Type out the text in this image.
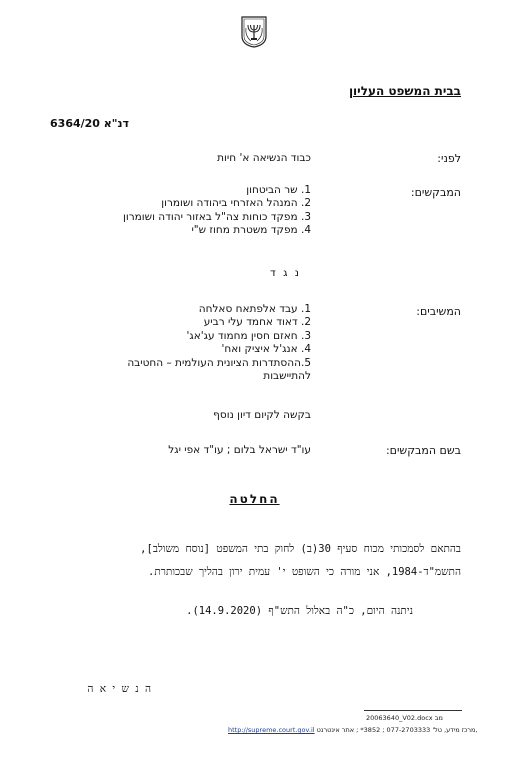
בבית המשפט העליון
דנ"א 6364/20
לפני:
כבוד הנשיאה א' חיות
המבקשים:
1. שר הביטחון
2. המנהל האזרחי ביהודה ושומרון
3. מפקד כוחות צה"ל באזור יהודה ושומרון
4. מפקד משטרת מחוז ש"י
נ ג ד
המשיבים:
1. עבד אלפתאח סאלחה
2. דאוד אחמד עלי רביע
3. חאזם חסין מחמוד עג'אג'
4. אנג'ל איציק ואח'
5.ההסתדרות הציונית העולמית – החטיבה
להתיישבות
בקשה לקיום דיון נוסף
בשם המבקשים:
עו"ד ישראל בלום ; עו"ד אפי יגל
החלטה
בהתאם לסמכותי מכוח סעיף 30(ב) לחוק בתי המשפט [נוסח משולב],
התשמ"ד-1984, אני מורה כי השופט י' עמית ירון בהליך שבכותרת.
ניתנה היום, כ"ה באלול התש"ף (14.9.2020).
ה נ ש י א ה
20063640_V02.docx מב
http://supreme.court.gov.il מרכז מידע, טל' 077-2703333 ; 3852* ; אתר אינטרנט,
